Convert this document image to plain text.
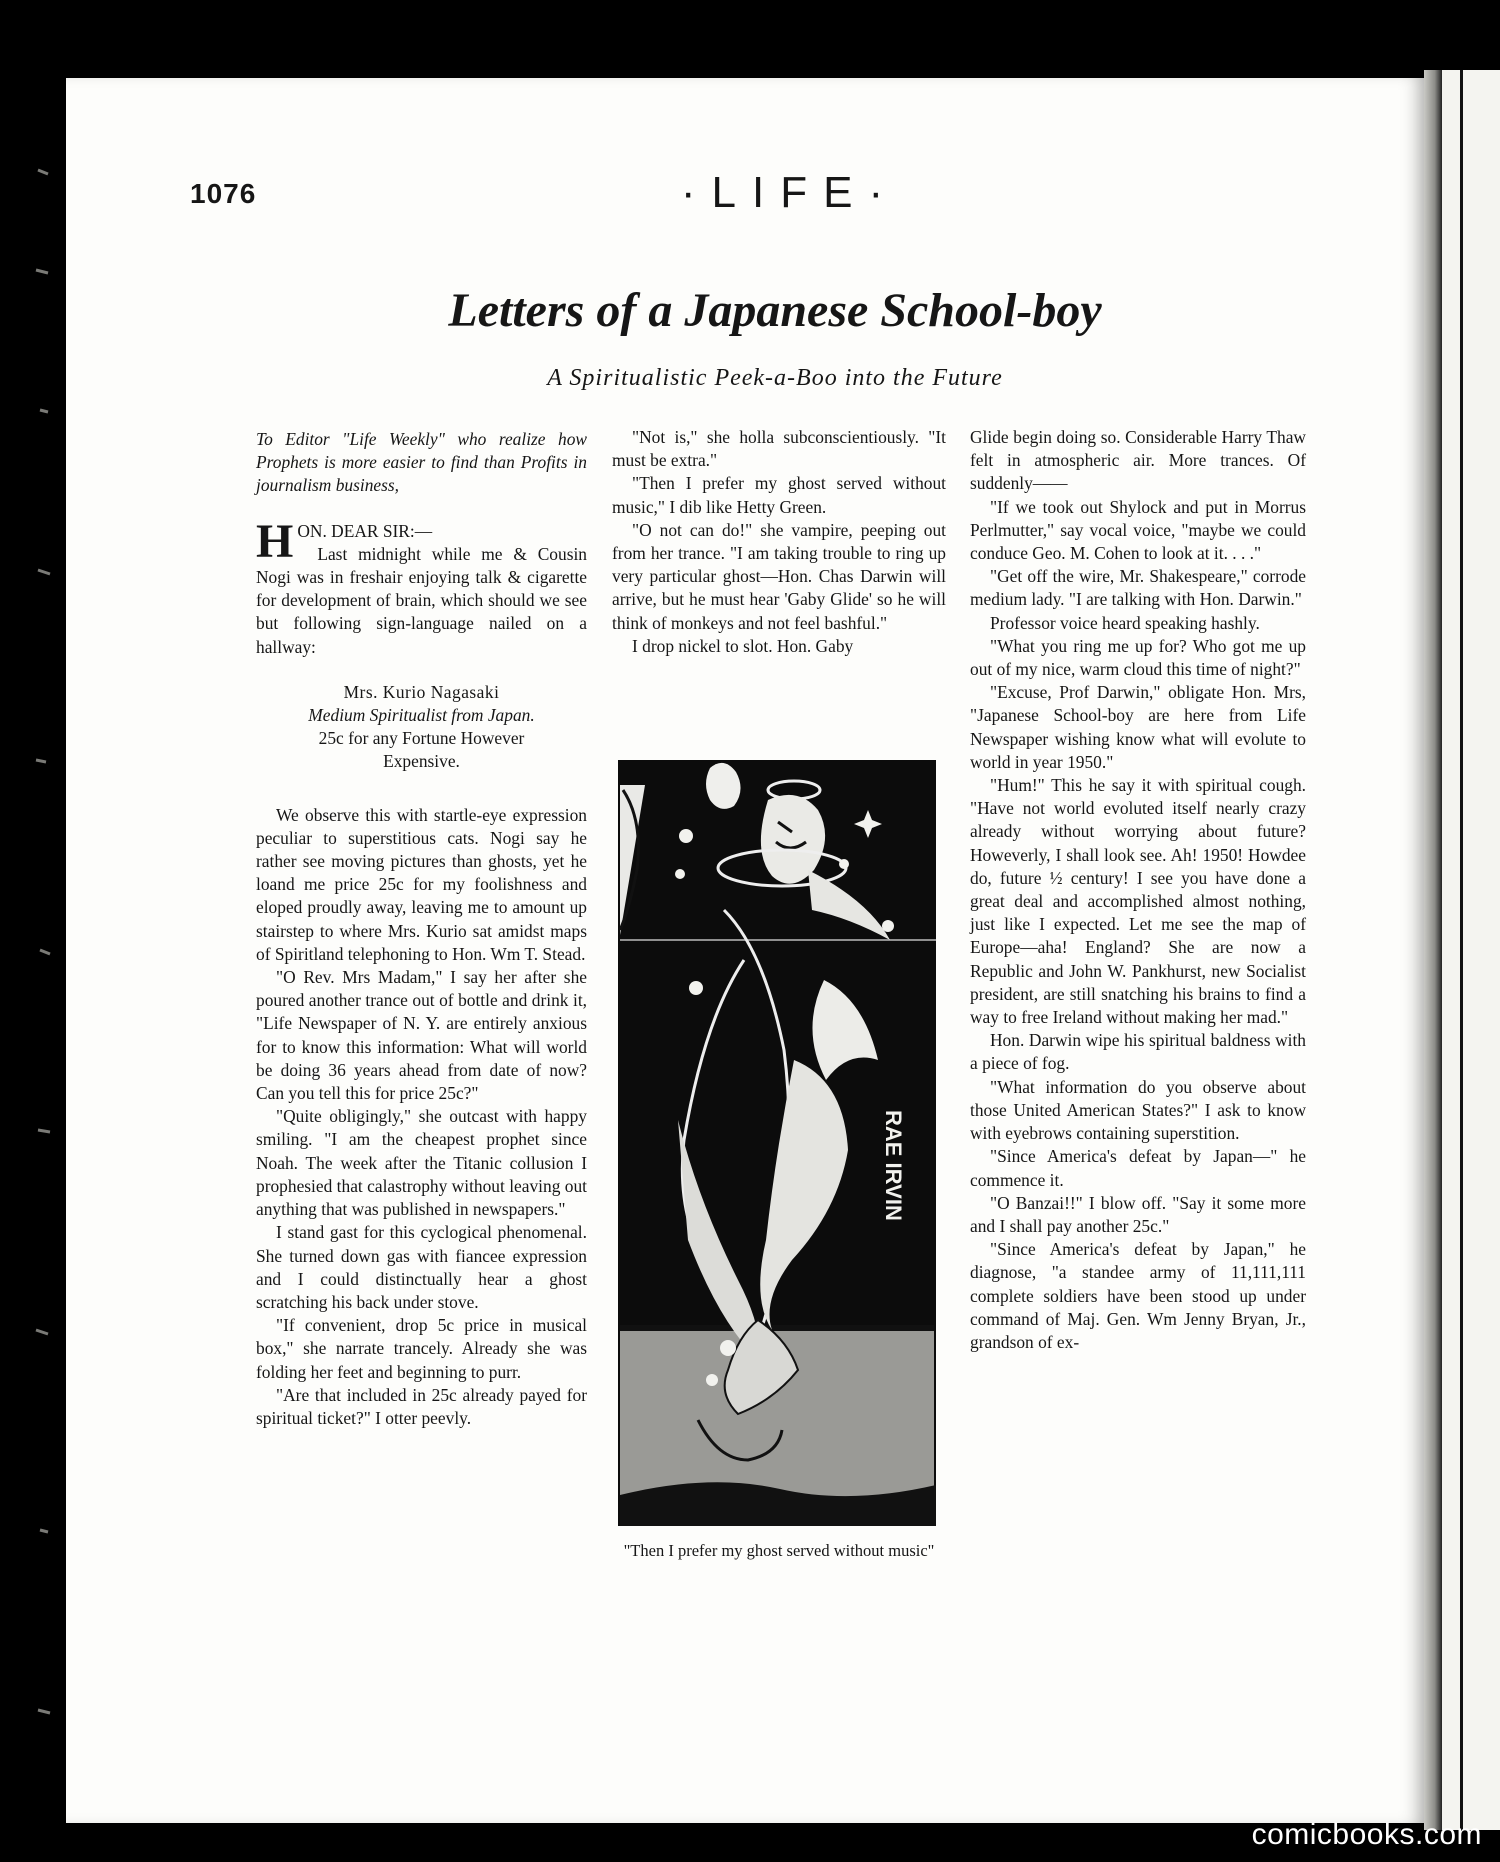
1076	·LIFE·
Letters of a Japanese School-boy
A Spiritualistic Peek-a-Boo into the Future

To Editor "Life Weekly" who realize how Prophets is more easier to find than Profits in journalism business,

HON. DEAR SIR:—

Last midnight while me & Cousin Nogi was in freshair enjoying talk & cigarette for development of brain, which should we see but following sign-language nailed on a hallway:

Mrs. Kurio Nagasaki
Medium Spiritualist from Japan.
25c for any Fortune However
Expensive.

We observe this with startle-eye expression peculiar to superstitious cats. Nogi say he rather see moving pictures than ghosts, yet he loand me price 25c for my foolishness and eloped proudly away, leaving me to amount up stairstep to where Mrs. Kurio sat amidst maps of Spiritland telephoning to Hon. Wm T. Stead.

"O Rev. Mrs Madam," I say her after she poured another trance out of bottle and drink it, "Life Newspaper of N. Y. are entirely anxious for to know this information: What will world be doing 36 years ahead from date of now? Can you tell this for price 25c?"

"Quite obligingly," she outcast with happy smiling. "I am the cheapest prophet since Noah. The week after the Titanic collusion I prophesied that calastrophy without leaving out anything that was published in newspapers."

I stand gast for this cyclogical phenomenal. She turned down gas with fiancee expression and I could distinctually hear a ghost scratching his back under stove.

"If convenient, drop 5c price in musical box," she narrate trancely. Already she was folding her feet and beginning to purr.

"Are that included in 25c already payed for spiritual ticket?" I otter peevly.

"Not is," she holla subconscientiously. "It must be extra."

"Then I prefer my ghost served without music," I dib like Hetty Green.

"O not can do!" she vampire, peeping out from her trance. "I am taking trouble to ring up very particular ghost—Hon. Chas Darwin will arrive, but he must hear 'Gaby Glide' so he will think of monkeys and not feel bashful."

I drop nickel to slot. Hon. Gaby

RAE IRVIN
"Then I prefer my ghost served without music"

Glide begin doing so. Considerable Harry Thaw felt in atmospheric air. More trances. Of suddenly——

"If we took out Shylock and put in Morrus Perlmutter," say vocal voice, "maybe we could conduce Geo. M. Cohen to look at it. . . ."

"Get off the wire, Mr. Shakespeare," corrode medium lady. "I are talking with Hon. Darwin."

Professor voice heard speaking hashly.

"What you ring me up for? Who got me up out of my nice, warm cloud this time of night?"

"Excuse, Prof Darwin," obligate Hon. Mrs, "Japanese School-boy are here from Life Newspaper wishing know what will evolute to world in year 1950."

"Hum!" This he say it with spiritual cough. "Have not world evoluted itself nearly crazy already without worrying about future? Howeverly, I shall look see. Ah! 1950! Howdee do, future ½ century! I see you have done a great deal and accomplished almost nothing, just like I expected. Let me see the map of Europe—aha! England? She are now a Republic and John W. Pankhurst, new Socialist president, are still snatching his brains to find a way to free Ireland without making her mad."

Hon. Darwin wipe his spiritual baldness with a piece of fog.

"What information do you observe about those United American States?" I ask to know with eyebrows containing superstition.

"Since America's defeat by Japan—" he commence it.

"O Banzai!!" I blow off. "Say it some more and I shall pay another 25c."

"Since America's defeat by Japan," he diagnose, "a standee army of 11,111,111 complete soldiers have been stood up under command of Maj. Gen. Wm Jenny Bryan, Jr., grandson of ex-

comicbooks.com
